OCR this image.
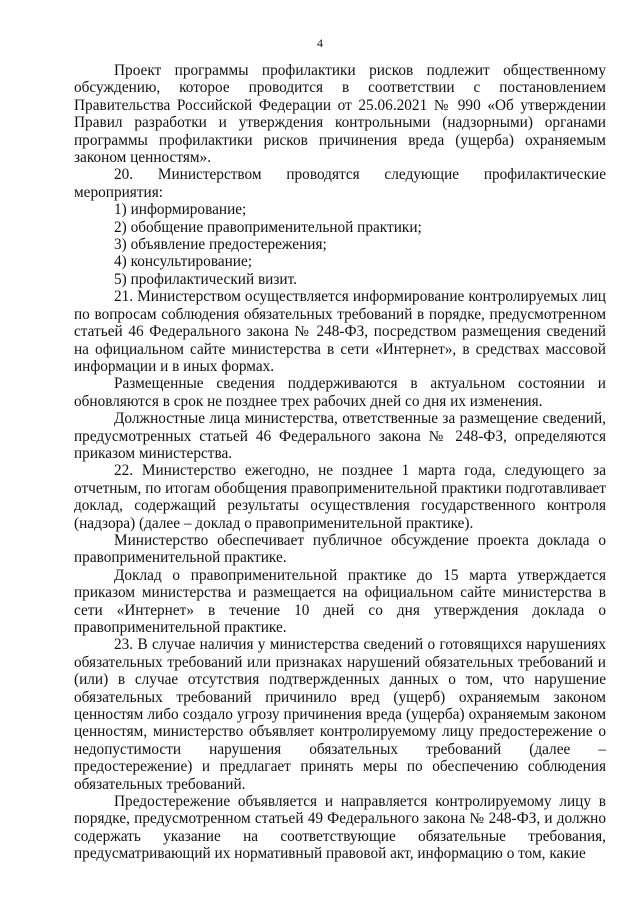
4

Проект программы профилактики рисков подлежит общественному обсуждению, которое проводится в соответствии с постановлением Правительства Российской Федерации от 25.06.2021 № 990 «Об утверждении Правил разработки и утверждения контрольными (надзорными) органами программы профилактики рисков причинения вреда (ущерба) охраняемым законом ценностям».

20. Министерством проводятся следующие профилактические мероприятия:

1) информирование;

2) обобщение правоприменительной практики;

3) объявление предостережения;

4) консультирование;

5) профилактический визит.

21. Министерством осуществляется информирование контролируемых лиц по вопросам соблюдения обязательных требований в порядке, предусмотренном статьей 46 Федерального закона № 248-ФЗ, посредством размещения сведений на официальном сайте министерства в сети «Интернет», в средствах массовой информации и в иных формах.

Размещенные сведения поддерживаются в актуальном состоянии и обновляются в срок не позднее трех рабочих дней со дня их изменения.

Должностные лица министерства, ответственные за размещение сведений, предусмотренных статьей 46 Федерального закона № 248-ФЗ, определяются приказом министерства.

22. Министерство ежегодно, не позднее 1 марта года, следующего за отчетным, по итогам обобщения правоприменительной практики подготавливает доклад, содержащий результаты осуществления государственного контроля (надзора) (далее – доклад о правоприменительной практике).

Министерство обеспечивает публичное обсуждение проекта доклада о правоприменительной практике.

Доклад о правоприменительной практике до 15 марта утверждается приказом министерства и размещается на официальном сайте министерства в сети «Интернет» в течение 10 дней со дня утверждения доклада о правоприменительной практике.

23. В случае наличия у министерства сведений о готовящихся нарушениях обязательных требований или признаках нарушений обязательных требований и (или) в случае отсутствия подтвержденных данных о том, что нарушение обязательных требований причинило вред (ущерб) охраняемым законом ценностям либо создало угрозу причинения вреда (ущерба) охраняемым законом ценностям, министерство объявляет контролируемому лицу предостережение о недопустимости нарушения обязательных требований (далее – предостережение) и предлагает принять меры по обеспечению соблюдения обязательных требований.

Предостережение объявляется и направляется контролируемому лицу в порядке, предусмотренном статьей 49 Федерального закона № 248-ФЗ, и должно содержать указание на соответствующие обязательные требования, предусматривающий их нормативный правовой акт, информацию о том, какие
